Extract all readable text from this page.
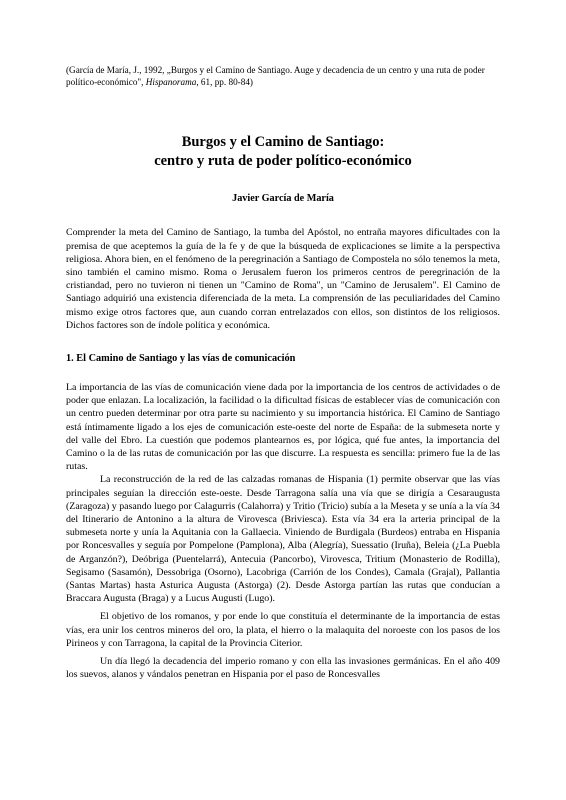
(García de María, J., 1992, „Burgos y el Camino de Santiago. Auge y decadencia de un centro y una ruta de poder político-económico", Hispanorama, 61, pp. 80-84)

Burgos y el Camino de Santiago:
centro y ruta de poder político-económico
Javier García de María

Comprender la meta del Camino de Santiago, la tumba del Apóstol, no entraña mayores dificultades con la premisa de que aceptemos la guía de la fe y de que la búsqueda de explicaciones se limite a la perspectiva religiosa. Ahora bien, en el fenómeno de la peregrinación a Santiago de Compostela no sólo tenemos la meta, sino también el camino mismo. Roma o Jerusalem fueron los primeros centros de peregrinación de la cristiandad, pero no tuvieron ni tienen un "Camino de Roma", un "Camino de Jerusalem". El Camino de Santiago adquirió una existencia diferenciada de la meta. La comprensión de las peculiaridades del Camino mismo exige otros factores que, aun cuando corran entrelazados con ellos, son distintos de los religiosos. Dichos factores son de índole política y económica.

1. El Camino de Santiago y las vías de comunicación

La importancia de las vías de comunicación viene dada por la importancia de los centros de actividades o de poder que enlazan. La localización, la facilidad o la dificultad físicas de establecer vías de comunicación con un centro pueden determinar por otra parte su nacimiento y su importancia histórica. El Camino de Santiago está íntimamente ligado a los ejes de comunicación este-oeste del norte de España: de la submeseta norte y del valle del Ebro. La cuestión que podemos plantearnos es, por lógica, qué fue antes, la importancia del Camino o la de las rutas de comunicación por las que discurre. La respuesta es sencilla: primero fue la de las rutas.

La reconstrucción de la red de las calzadas romanas de Hispania (1) permite observar que las vías principales seguían la dirección este-oeste. Desde Tarragona salía una vía que se dirigía a Cesaraugusta (Zaragoza) y pasando luego por Calagurris (Calahorra) y Tritio (Tricio) subía a la Meseta y se unía a la vía 34 del Itinerario de Antonino a la altura de Virovesca (Briviesca). Esta vía 34 era la arteria principal de la submeseta norte y unía la Aquitania con la Gallaecia. Viniendo de Burdigala (Burdeos) entraba en Hispania por Roncesvalles y seguía por Pompelone (Pamplona), Alba (Alegría), Suessatio (Iruña), Beleia (¿La Puebla de Arganzón?), Deóbriga (Puentelarrá), Antecuia (Pancorbo), Virovesca, Tritium (Monasterio de Rodilla), Segisamo (Sasamón), Dessobriga (Osorno), Lacobriga (Carrión de los Condes), Camala (Grajal), Pallantia (Santas Martas) hasta Asturica Augusta (Astorga) (2). Desde Astorga partían las rutas que conducían a Braccara Augusta (Braga) y a Lucus Augusti (Lugo).

El objetivo de los romanos, y por ende lo que constituía el determinante de la importancia de estas vías, era unir los centros mineros del oro, la plata, el hierro o la malaquita del noroeste con los pasos de los Pirineos y con Tarragona, la capital de la Provincia Citerior.

Un día llegó la decadencia del imperio romano y con ella las invasiones germánicas. En el año 409 los suevos, alanos y vándalos penetran en Hispania por el paso de Roncesvalles
